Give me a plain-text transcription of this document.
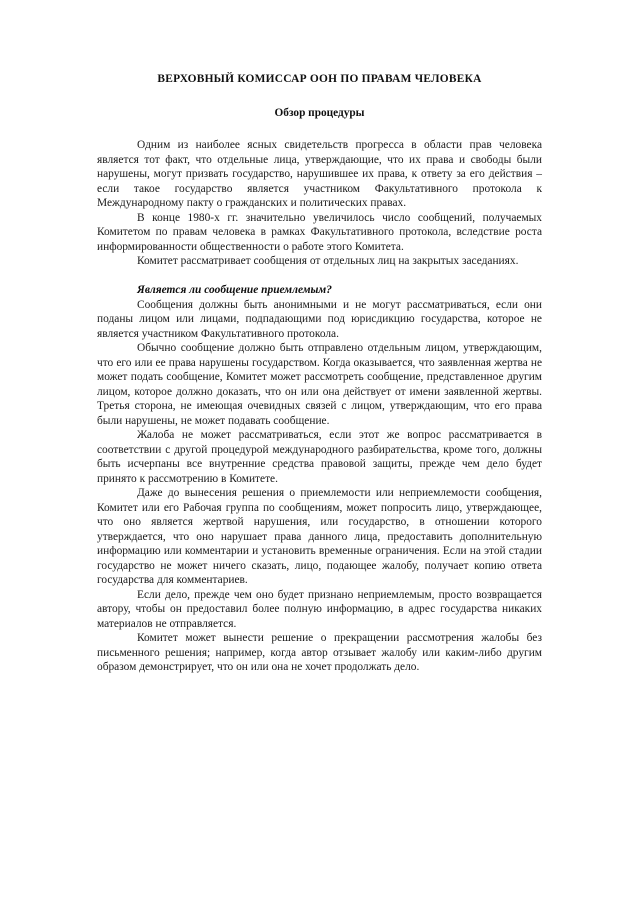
ВЕРХОВНЫЙ КОМИССАР ООН ПО ПРАВАМ ЧЕЛОВЕКА
Обзор процедуры

Одним из наиболее ясных свидетельств прогресса в области прав человека является тот факт, что отдельные лица, утверждающие, что их права и свободы были нарушены, могут призвать государство, нарушившее их права, к ответу за его действия – если такое государство является участником Факультативного протокола к Международному пакту о гражданских и политических правах.

В конце 1980-х гг. значительно увеличилось число сообщений, получаемых Комитетом по правам человека в рамках Факультативного протокола, вследствие роста информированности общественности о работе этого Комитета.

Комитет рассматривает сообщения от отдельных лиц на закрытых заседаниях.

Является ли сообщение приемлемым?

Сообщения должны быть анонимными и не могут рассматриваться, если они поданы лицом или лицами, подпадающими под юрисдикцию государства, которое не является участником Факультативного протокола.

Обычно сообщение должно быть отправлено отдельным лицом, утверждающим, что его или ее права нарушены государством. Когда оказывается, что заявленная жертва не может подать сообщение, Комитет может рассмотреть сообщение, представленное другим лицом, которое должно доказать, что он или она действует от имени заявленной жертвы. Третья сторона, не имеющая очевидных связей с лицом, утверждающим, что его права были нарушены, не может подавать сообщение.

Жалоба не может рассматриваться, если этот же вопрос рассматривается в соответствии с другой процедурой международного разбирательства, кроме того, должны быть исчерпаны все внутренние средства правовой защиты, прежде чем дело будет принято к рассмотрению в Комитете.

Даже до вынесения решения о приемлемости или неприемлемости сообщения, Комитет или его Рабочая группа по сообщениям, может попросить лицо, утверждающее, что оно является жертвой нарушения, или государство, в отношении которого утверждается, что оно нарушает права данного лица, предоставить дополнительную информацию или комментарии и установить временные ограничения. Если на этой стадии государство не может ничего сказать, лицо, подающее жалобу, получает копию ответа государства для комментариев.

Если дело, прежде чем оно будет признано неприемлемым, просто возвращается автору, чтобы он предоставил более полную информацию, в адрес государства никаких материалов не отправляется.

Комитет может вынести решение о прекращении рассмотрения жалобы без письменного решения; например, когда автор отзывает жалобу или каким-либо другим образом демонстрирует, что он или она не хочет продолжать дело.
